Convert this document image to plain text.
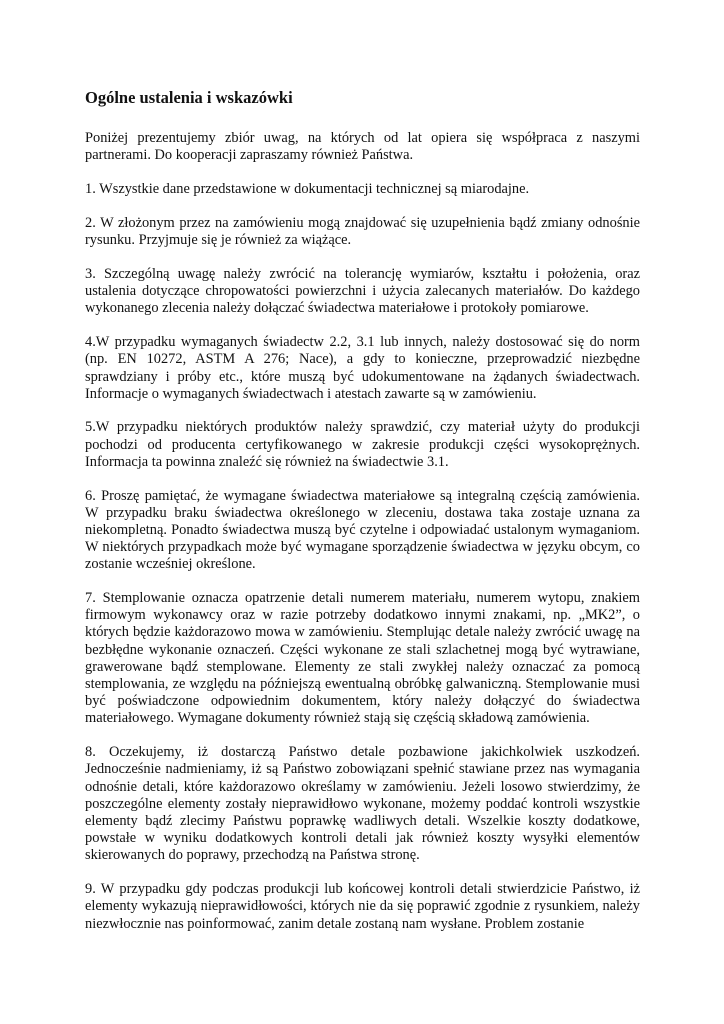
Ogólne ustalenia i wskazówki

Poniżej prezentujemy zbiór uwag, na których od lat opiera się współpraca z naszymi partnerami. Do kooperacji zapraszamy również Państwa.

1. Wszystkie dane przedstawione w dokumentacji technicznej są miarodajne.

2. W złożonym przez na zamówieniu mogą znajdować się uzupełnienia bądź zmiany odnośnie rysunku. Przyjmuje się je również za wiążące.

3. Szczególną uwagę należy zwrócić na tolerancję wymiarów, kształtu i położenia, oraz ustalenia dotyczące chropowatości powierzchni i użycia zalecanych materiałów. Do każdego wykonanego zlecenia należy dołączać świadectwa materiałowe i protokoły pomiarowe.

4.W przypadku wymaganych świadectw 2.2, 3.1 lub innych, należy dostosować się do norm (np. EN 10272, ASTM A 276; Nace), a gdy to konieczne, przeprowadzić niezbędne sprawdziany i próby etc., które muszą być udokumentowane na żądanych świadectwach. Informacje o wymaganych świadectwach i atestach zawarte są w zamówieniu.

5.W przypadku niektórych produktów należy sprawdzić, czy materiał użyty do produkcji pochodzi od producenta certyfikowanego w zakresie produkcji części wysokoprężnych. Informacja ta powinna znaleźć się również na świadectwie 3.1.

6. Proszę pamiętać, że wymagane świadectwa materiałowe są integralną częścią zamówienia. W przypadku braku świadectwa określonego w zleceniu, dostawa taka zostaje uznana za niekompletną. Ponadto świadectwa muszą być czytelne i odpowiadać ustalonym wymaganiom. W niektórych przypadkach może być wymagane sporządzenie świadectwa w języku obcym, co zostanie wcześniej określone.

7. Stemplowanie oznacza opatrzenie detali numerem materiału, numerem wytopu, znakiem firmowym wykonawcy oraz w razie potrzeby dodatkowo innymi znakami, np. „MK2”, o których będzie każdorazowo mowa w zamówieniu. Stemplując detale należy zwrócić uwagę na bezbłędne wykonanie oznaczeń. Części wykonane ze stali szlachetnej mogą być wytrawiane, grawerowane bądź stemplowane. Elementy ze stali zwykłej należy oznaczać za pomocą stemplowania, ze względu na późniejszą ewentualną obróbkę galwaniczną. Stemplowanie musi być poświadczone odpowiednim dokumentem, który należy dołączyć do świadectwa materiałowego. Wymagane dokumenty również stają się częścią składową zamówienia.

8. Oczekujemy, iż dostarczą Państwo detale pozbawione jakichkolwiek uszkodzeń. Jednocześnie nadmieniamy, iż są Państwo zobowiązani spełnić stawiane przez nas wymagania odnośnie detali, które każdorazowo określamy w zamówieniu. Jeżeli losowo stwierdzimy, że poszczególne elementy zostały nieprawidłowo wykonane, możemy poddać kontroli wszystkie elementy bądź zlecimy Państwu poprawkę wadliwych detali. Wszelkie koszty dodatkowe, powstałe w wyniku dodatkowych kontroli detali jak również koszty wysyłki elementów skierowanych do poprawy, przechodzą na Państwa stronę.

9. W przypadku gdy podczas produkcji lub końcowej kontroli detali stwierdzicie Państwo, iż elementy wykazują nieprawidłowości, których nie da się poprawić zgodnie z rysunkiem, należy niezwłocznie nas poinformować, zanim detale zostaną nam wysłane. Problem zostanie
